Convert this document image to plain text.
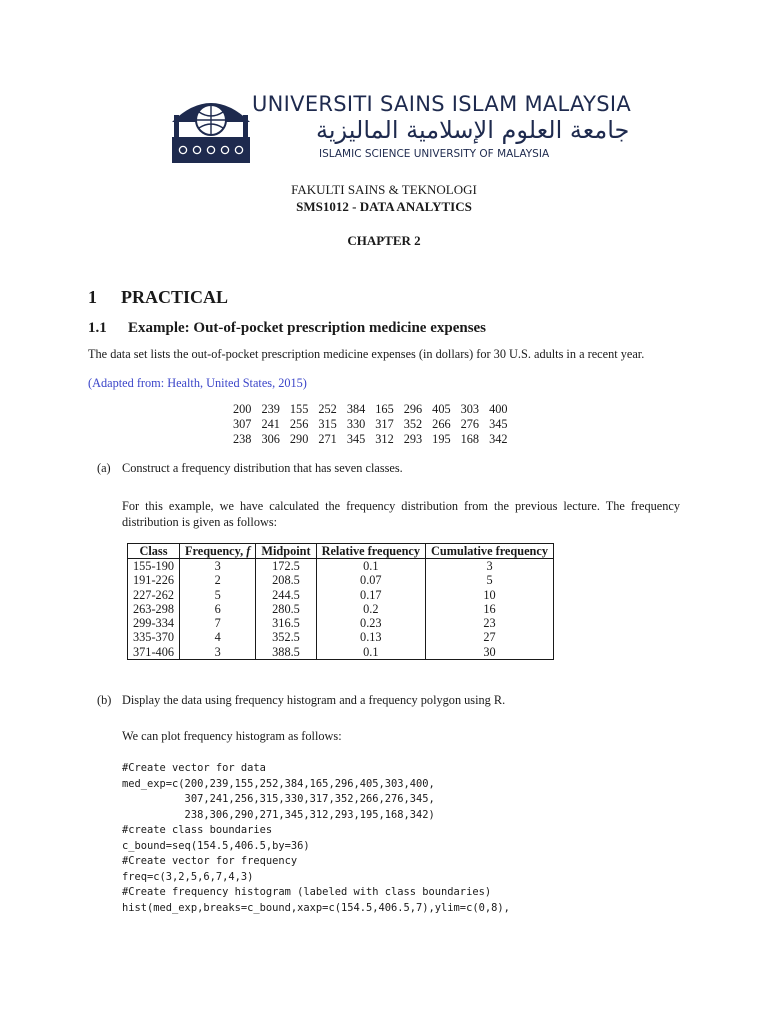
UNIVERSITI SAINS ISLAM MALAYSIA
جامعة العلوم الإسلامية الماليزية
ISLAMIC SCIENCE UNIVERSITY OF MALAYSIA
FAKULTI SAINS & TEKNOLOGI
SMS1012 - DATA ANALYTICS
CHAPTER 2
1 PRACTICAL
1.1 Example: Out-of-pocket prescription medicine expenses

The data set lists the out-of-pocket prescription medicine expenses (in dollars) for 30 U.S. adults in a recent year.

(Adapted from: Health, United States, 2015)
200	239	155	252	384	165	296	405	303	400
307	241	256	315	330	317	352	266	276	345
238	306	290	271	345	312	293	195	168	342
(a) Construct a frequency distribution that has seven classes.

For this example, we have calculated the frequency distribution from the previous lecture. The frequency distribution is given as follows:

Class	Frequency, f	Midpoint	Relative frequency	Cumulative frequency
155-190	3	172.5	0.1	3
191-226	2	208.5	0.07	5
227-262	5	244.5	0.17	10
263-298	6	280.5	0.2	16
299-334	7	316.5	0.23	23
335-370	4	352.5	0.13	27
371-406	3	388.5	0.1	30
(b) Display the data using frequency histogram and a frequency polygon using R.
We can plot frequency histogram as follows:
#Create vector for data
med_exp=c(200,239,155,252,384,165,296,405,303,400,
307,241,256,315,330,317,352,266,276,345,
238,306,290,271,345,312,293,195,168,342)
#create class boundaries
c_bound=seq(154.5,406.5,by=36)
#Create vector for frequency
freq=c(3,2,5,6,7,4,3)
#Create frequency histogram (labeled with class boundaries)
hist(med_exp,breaks=c_bound,xaxp=c(154.5,406.5,7),ylim=c(0,8),
